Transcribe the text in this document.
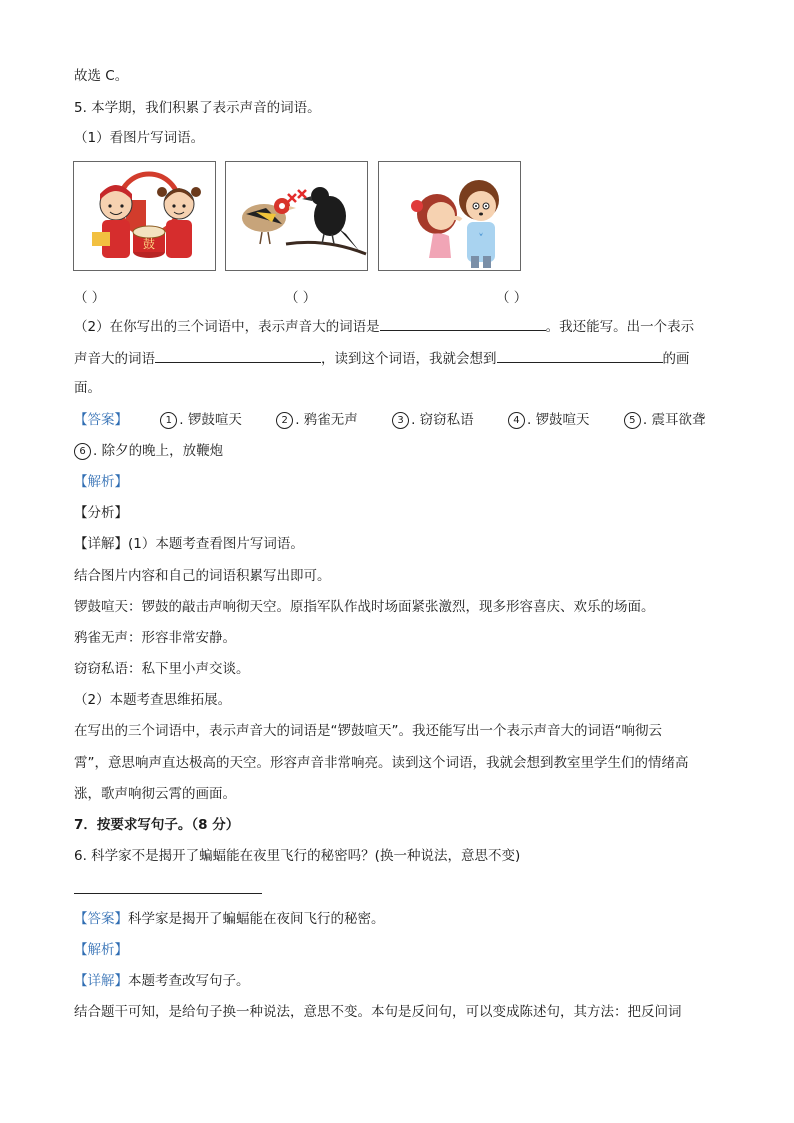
故选 C。
5. 本学期，我们积累了表示声音的词语。
（1）看图片写词语。
鼓
（ ）	（ ）	（ ）
（2）在你写出的三个词语中，表示声音大的词语是	。我还能写。出一个表示
声音大的词语	，读到这个词语，我就会想到	的画
面。
【答案】	1 . 锣鼓喧天	2 . 鸦雀无声	3 . 窃窃私语	4 . 锣鼓喧天	5 . 震耳欲聋
6 . 除夕的晚上，放鞭炮
【解析】
【分析】
【详解】(1）本题考查看图片写词语。
结合图片内容和自己的词语积累写出即可。
锣鼓喧天：锣鼓的敲击声响彻天空。原指军队作战时场面紧张激烈，现多形容喜庆、欢乐的场面。
鸦雀无声：形容非常安静。
窃窃私语：私下里小声交谈。
（2）本题考查思维拓展。
在写出的三个词语中，表示声音大的词语是“锣鼓喧天”。我还能写出一个表示声音大的词语“响彻云
霄”，意思响声直达极高的天空。形容声音非常响亮。读到这个词语，我就会想到教室里学生们的情绪高
涨，歌声响彻云霄的画面。
7．按要求写句子。（8 分）
6. 科学家不是揭开了蝙蝠能在夜里飞行的秘密吗？(换一种说法，意思不变)
【答案】科学家是揭开了蝙蝠能在夜间飞行的秘密。
【解析】
【详解】本题考查改写句子。
结合题干可知，是给句子换一种说法，意思不变。本句是反问句，可以变成陈述句，其方法：把反问词
